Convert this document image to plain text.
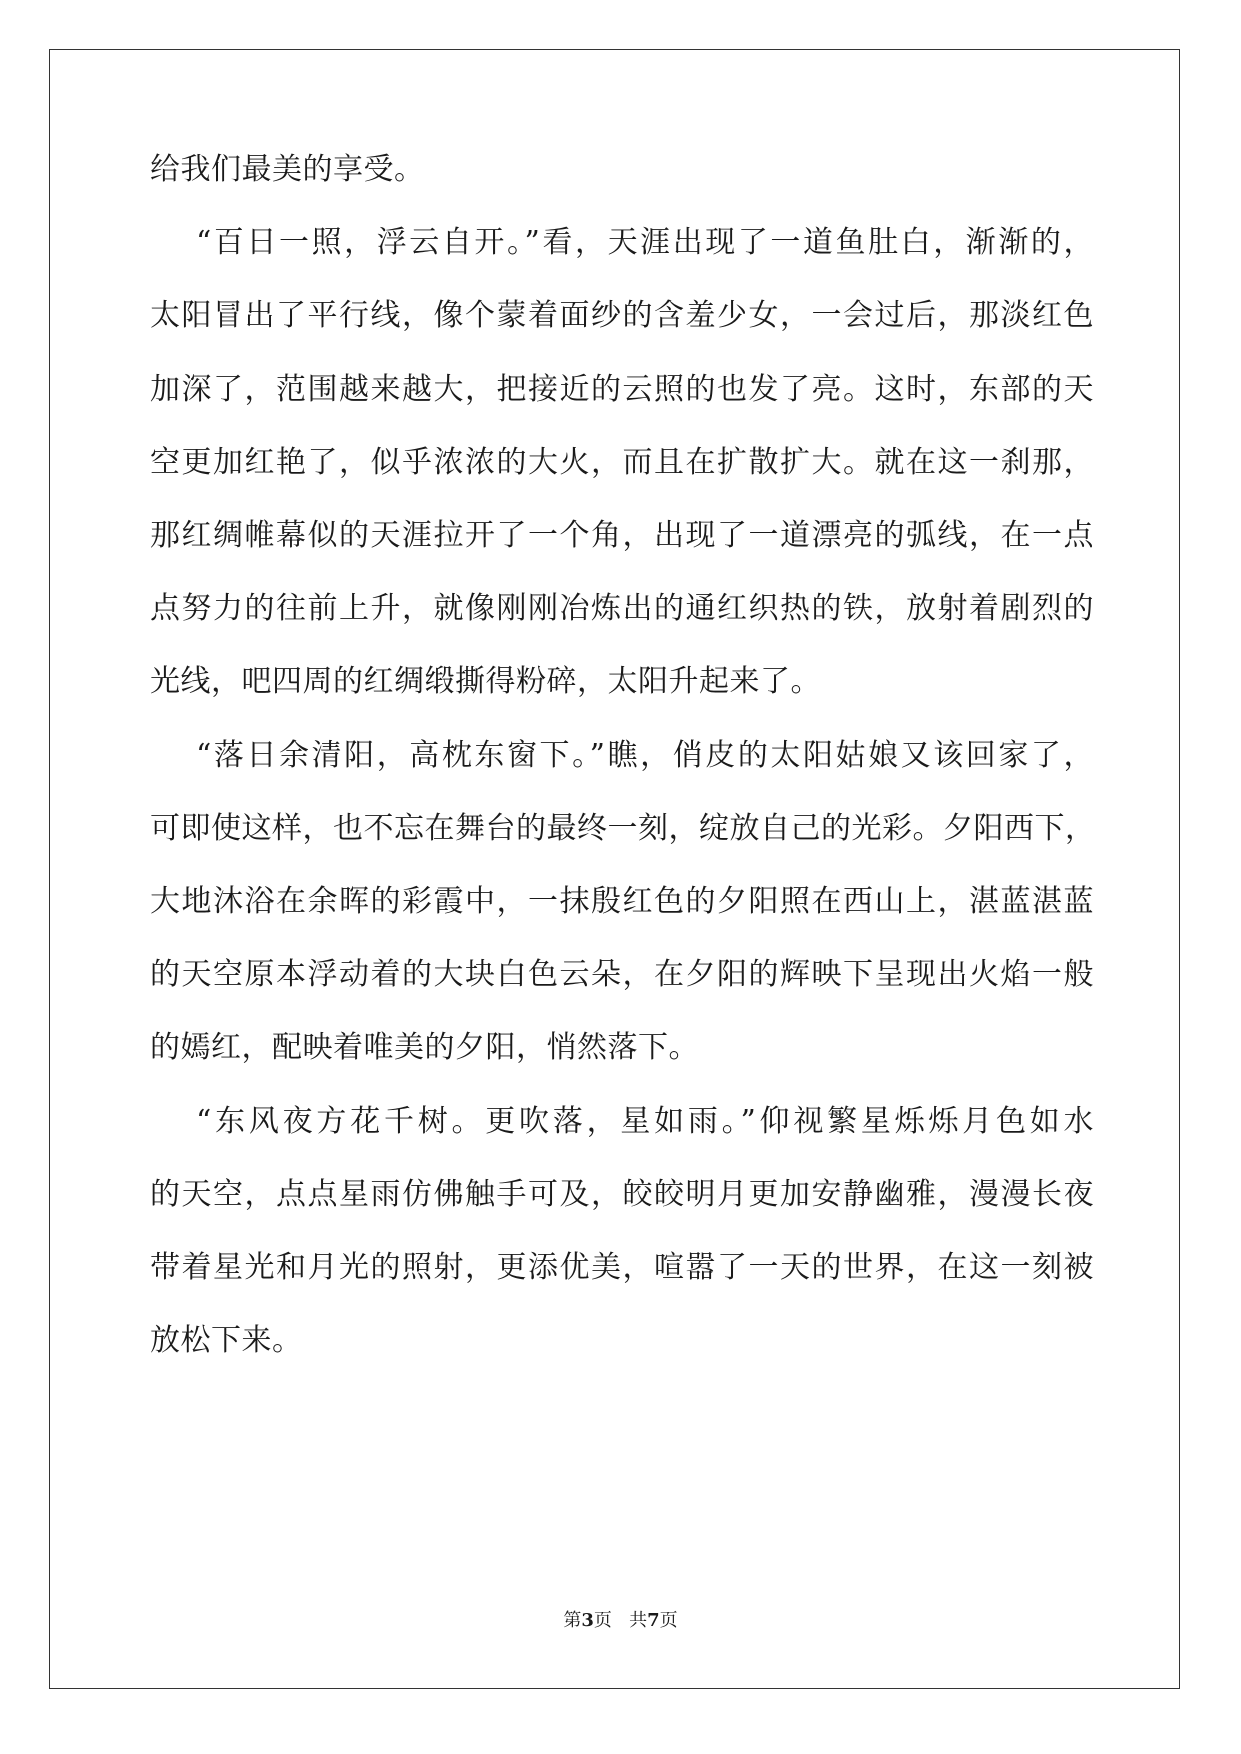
给我们最美的享受。
“百日一照，浮云自开。”看，天涯出现了一道鱼肚白，渐渐的，
太阳冒出了平行线，像个蒙着面纱的含羞少女，一会过后，那淡红色
加深了，范围越来越大，把接近的云照的也发了亮。这时，东部的天
空更加红艳了，似乎浓浓的大火，而且在扩散扩大。就在这一刹那，
那红绸帷幕似的天涯拉开了一个角，出现了一道漂亮的弧线，在一点
点努力的往前上升，就像刚刚冶炼出的通红织热的铁，放射着剧烈的
光线，吧四周的红绸缎撕得粉碎，太阳升起来了。
“落日余清阳，高枕东窗下。”瞧，俏皮的太阳姑娘又该回家了，
可即使这样，也不忘在舞台的最终一刻，绽放自己的光彩。夕阳西下，
大地沐浴在余晖的彩霞中，一抹殷红色的夕阳照在西山上，湛蓝湛蓝
的天空原本浮动着的大块白色云朵，在夕阳的辉映下呈现出火焰一般
的嫣红，配映着唯美的夕阳，悄然落下。
“东风夜方花千树。更吹落，星如雨。”仰视繁星烁烁月色如水
的天空，点点星雨仿佛触手可及，皎皎明月更加安静幽雅，漫漫长夜
带着星光和月光的照射，更添优美，喧嚣了一天的世界，在这一刻被
放松下来。
第3页 共7页
